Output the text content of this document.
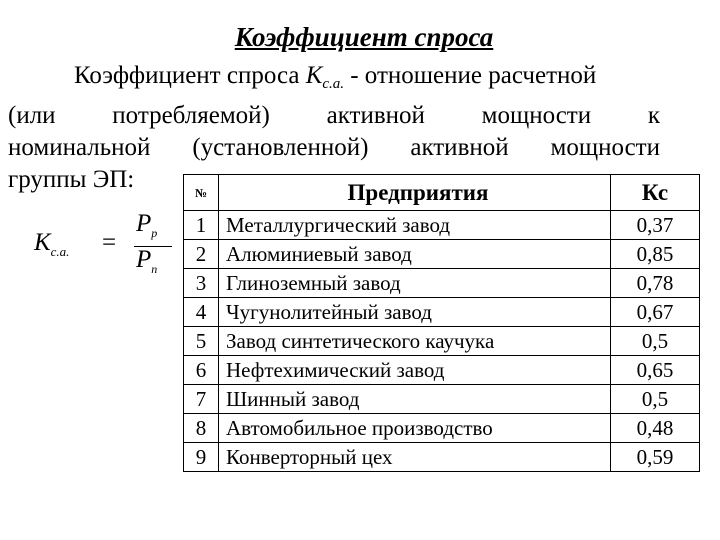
Коэффициент спроса
Коэффициент спроса $К_{с.а.}$ - отношение расчетной
(или потребляемой) активной мощности к
номинальной (установленной) активной мощности
группы ЭП:
$К_{с.а.}$ =
$P_р$
$P_п$
№	Предприятия	Кс
1	Металлургический завод	0,37
2	Алюминиевый завод	0,85
3	Глиноземный завод	0,78
4	Чугунолитейный завод	0,67
5	Завод синтетического каучука	0,5
6	Нефтехимический завод	0,65
7	Шинный завод	0,5
8	Автомобильное производство	0,48
9	Конверторный цех	0,59
